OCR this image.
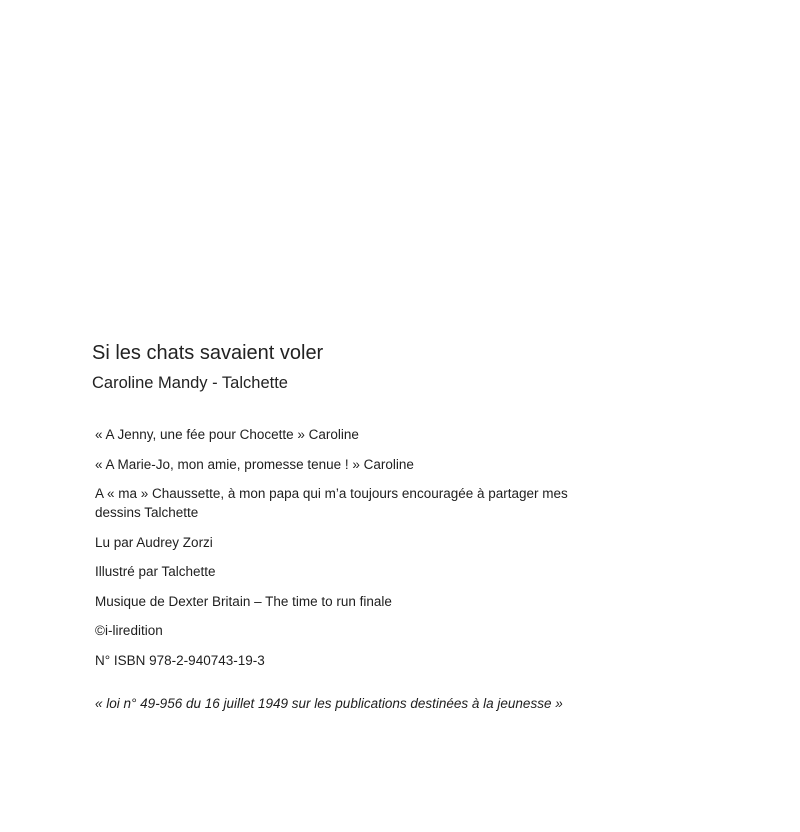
Si les chats savaient voler
Caroline Mandy - Talchette

« A Jenny, une fée pour Chocette » Caroline

« A Marie-Jo, mon amie, promesse tenue ! » Caroline

A « ma » Chaussette, à mon papa qui m’a toujours encouragée à partager mes dessins Talchette

Lu par Audrey Zorzi

Illustré par Talchette

Musique de Dexter Britain – The time to run finale

©i-liredition

N° ISBN 978-2-940743-19-3

« loi n° 49-956 du 16 juillet 1949 sur les publications destinées à la jeunesse »
